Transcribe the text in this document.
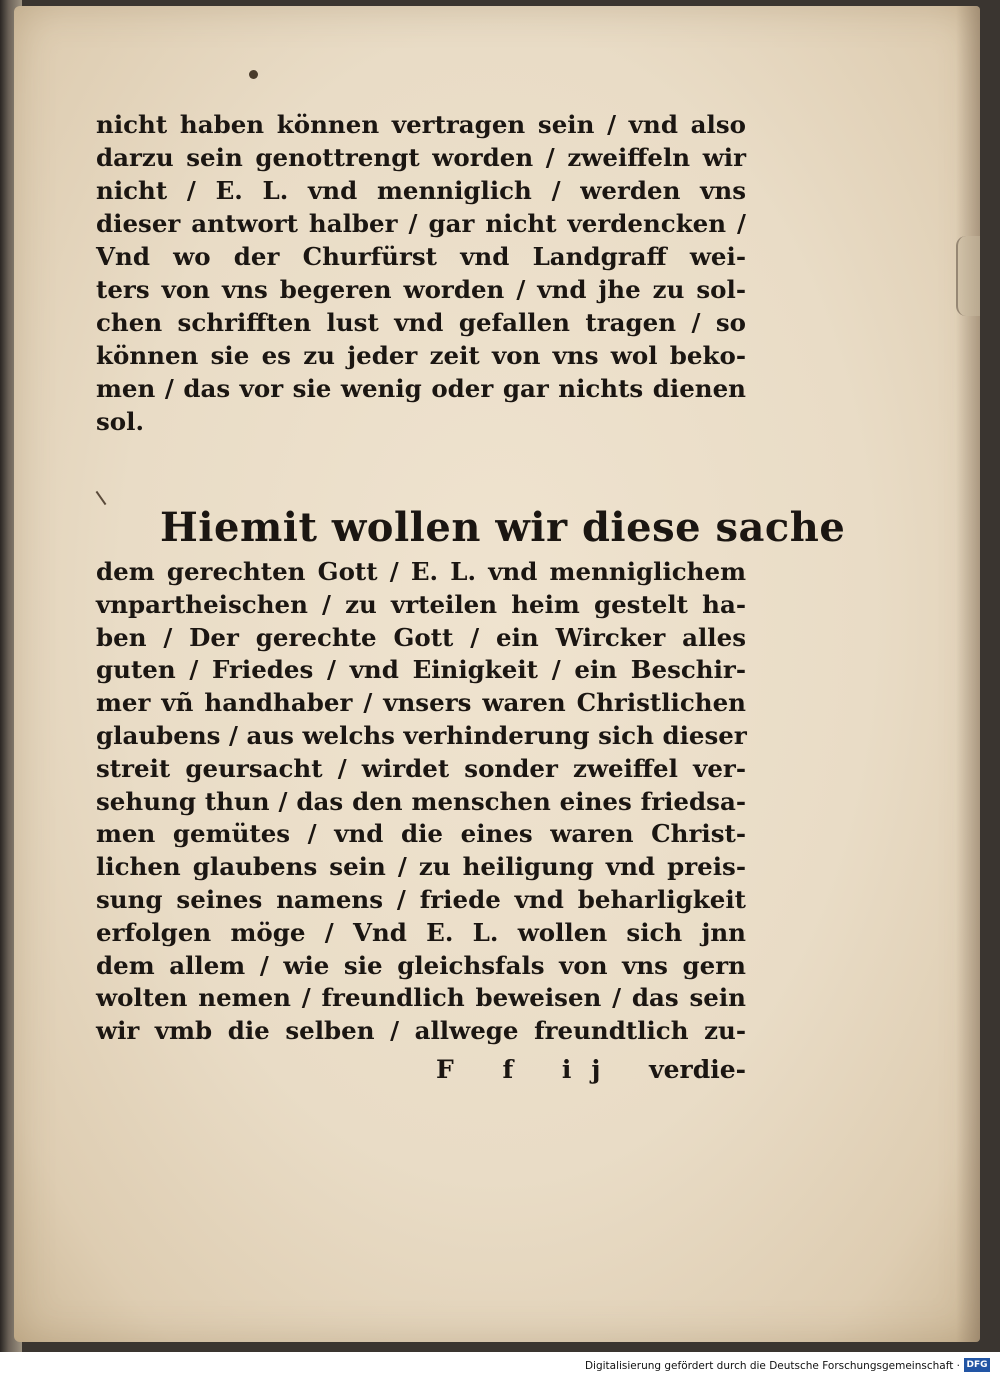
nicht haben können vertragen sein / vnd also
darzu sein genottrengt worden / zweiffeln wir
nicht / E. L. vnd menniglich / werden vns
dieser antwort halber / gar nicht verdencken /
Vnd wo der Churfürst vnd Landgraff wei-
ters von vns begeren worden / vnd jhe zu sol-
chen schrifften lust vnd gefallen tragen / so
können sie es zu jeder zeit von vns wol beko-
men / das vor sie wenig oder gar nichts dienen
sol.
Hiemit wollen wir diese sache
dem gerechten Gott / E. L. vnd menniglichem
vnpartheischen / zu vrteilen heim gestelt ha-
ben / Der gerechte Gott / ein Wircker alles
guten / Friedes / vnd Einigkeit / ein Beschir-
mer vñ handhaber / vnsers waren Christlichen
glaubens / aus welchs verhinderung sich dieser
streit geursacht / wirdet sonder zweiffel ver-
sehung thun / das den menschen eines friedsa-
men gemütes / vnd die eines waren Christ-
lichen glaubens sein / zu heiligung vnd preis-
sung seines namens / friede vnd beharligkeit
erfolgen möge / Vnd E. L. wollen sich jnn
dem allem / wie sie gleichsfals von vns gern
wolten nemen / freundlich beweisen / das sein
wir vmb die selben / allwege freundtlich zu-
F f ij verdie-
Digitalisierung gefördert durch die Deutsche Forschungsgemeinschaft · DFG
